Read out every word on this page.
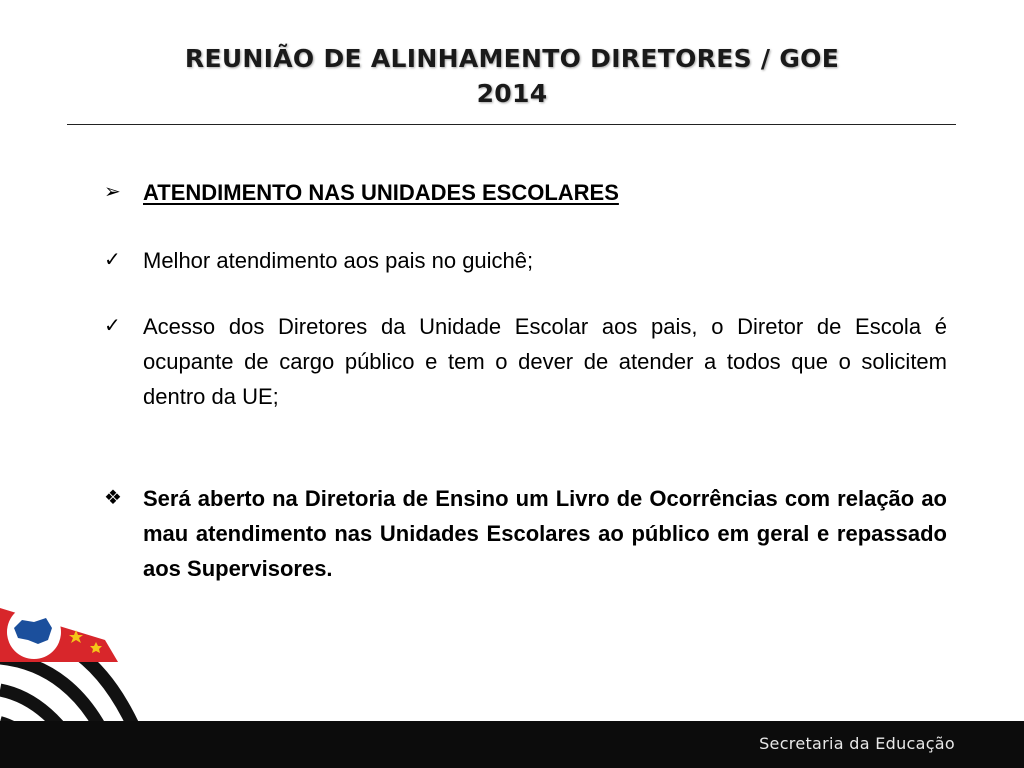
REUNIÃO DE ALINHAMENTO DIRETORES / GOE
2014
➢	ATENDIMENTO NAS UNIDADES ESCOLARES
✓	Melhor atendimento aos pais no guichê;
✓	Acesso dos Diretores da Unidade Escolar aos pais, o Diretor de Escola é ocupante de cargo público e tem o dever de atender a todos que o solicitem dentro da UE;
❖ Será aberto na Diretoria de Ensino um Livro de Ocorrências com relação ao mau atendimento nas Unidades Escolares ao público em geral e repassado aos Supervisores.
Secretaria da Educação
